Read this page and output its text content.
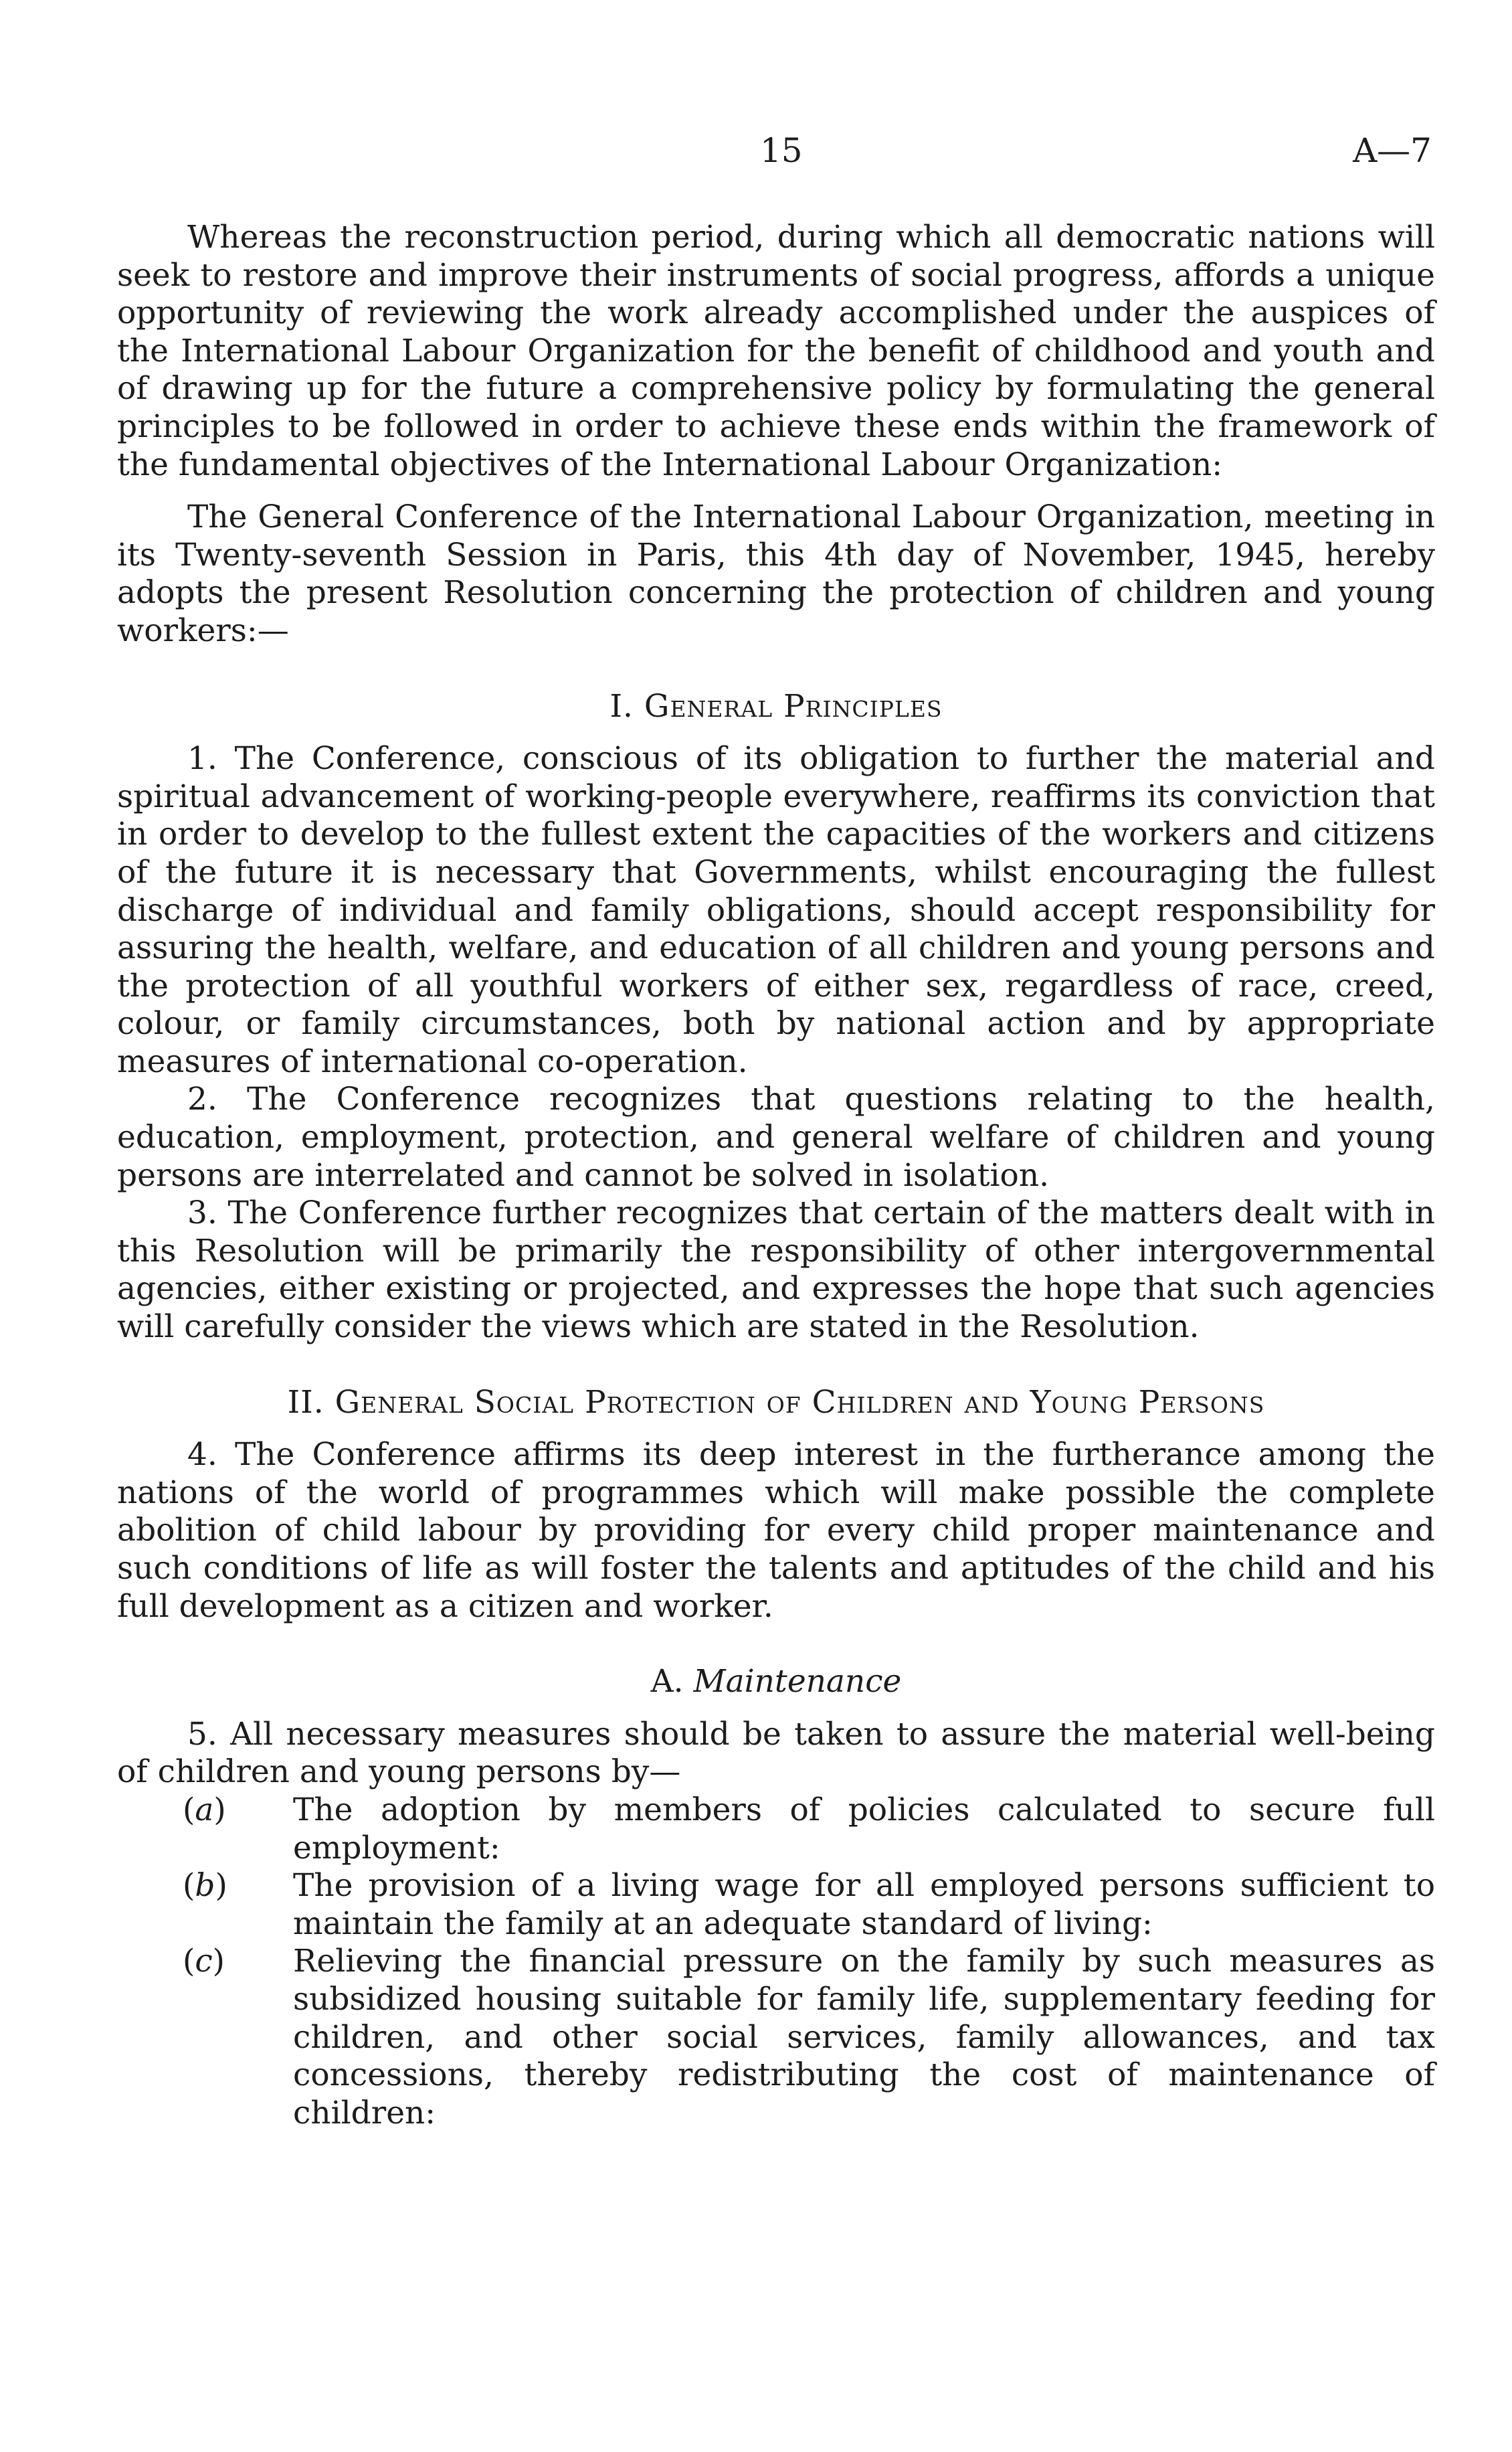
15	A—7

Whereas the reconstruction period, during which all democratic nations will seek to restore and improve their instruments of social progress, affords a unique opportunity of reviewing the work already accomplished under the auspices of the International Labour Organization for the benefit of childhood and youth and of drawing up for the future a comprehensive policy by formulating the general principles to be followed in order to achieve these ends within the framework of the fundamental objectives of the International Labour Organization:

The General Conference of the International Labour Organization, meeting in its Twenty-seventh Session in Paris, this 4th day of November, 1945, hereby adopts the present Resolution concerning the protection of children and young workers:—

I. General Principles

1. The Conference, conscious of its obligation to further the material and spiritual advancement of working-people everywhere, reaffirms its conviction that in order to develop to the fullest extent the capacities of the workers and citizens of the future it is necessary that Governments, whilst encouraging the fullest discharge of individual and family obligations, should accept responsibility for assuring the health, welfare, and education of all children and young persons and the protection of all youthful workers of either sex, regardless of race, creed, colour, or family circumstances, both by national action and by appropriate measures of international co-operation.

2. The Conference recognizes that questions relating to the health, education, employment, protection, and general welfare of children and young persons are interrelated and cannot be solved in isolation.

3. The Conference further recognizes that certain of the matters dealt with in this Resolution will be primarily the responsibility of other intergovernmental agencies, either existing or projected, and expresses the hope that such agencies will carefully consider the views which are stated in the Resolution.

II. General Social Protection of Children and Young Persons

4. The Conference affirms its deep interest in the furtherance among the nations of the world of programmes which will make possible the complete abolition of child labour by providing for every child proper maintenance and such conditions of life as will foster the talents and aptitudes of the child and his full development as a citizen and worker.

A. Maintenance

5. All necessary measures should be taken to assure the material well-being of children and young persons by—

(a)	The adoption by members of policies calculated to secure full employment:
(b)	The provision of a living wage for all employed persons sufficient to maintain the family at an adequate standard of living:
(c)	Relieving the financial pressure on the family by such measures as subsidized housing suitable for family life, supplementary feeding for children, and other social services, family allowances, and tax concessions, thereby redistributing the cost of maintenance of children:
